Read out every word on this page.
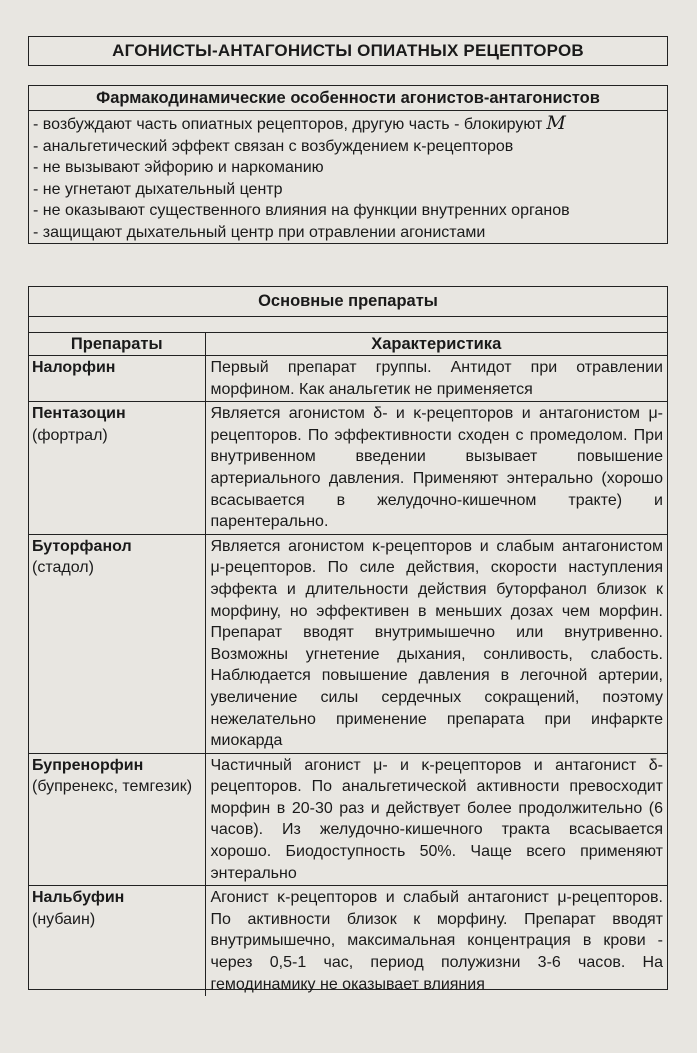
АГОНИСТЫ-АНТАГОНИСТЫ ОПИАТНЫХ РЕЦЕПТОРОВ
Фармакодинамические особенности агонистов-антагонистов
- возбуждают часть опиатных рецепторов, другую часть - блокируют М
- анальгетический эффект связан с возбуждением κ-рецепторов
- не вызывают эйфорию и наркоманию
- не угнетают дыхательный центр
- не оказывают существенного влияния на функции внутренних органов
- защищают дыхательный центр при отравлении агонистами
Основные препараты
Препараты	Характеристика

Налорфин	Первый препарат группы. Антидот при отравлении морфином. Как анальгетик не применяется

Пентазоцин
(фортрал)	Является агонистом δ- и κ-рецепторов и антагонистом μ-рецепторов. По эффективности сходен с промедолом. При внутривенном введении вызывает повышение артериального давления. Применяют энтерально (хорошо всасывается в желудочно-кишечном тракте) и парентерально.

Буторфанол
(стадол)	Является агонистом κ-рецепторов и слабым антагонистом μ-рецепторов. По силе действия, скорости наступления эффекта и длительности действия буторфанол близок к морфину, но эффективен в меньших дозах чем морфин. Препарат вводят внутримышечно или внутривенно. Возможны угнетение дыхания, сонливость, слабость. Наблюдается повышение давления в легочной артерии, увеличение силы сердечных сокращений, поэтому нежелательно применение препарата при инфаркте миокарда

Бупренорфин
(бупренекс, темгезик)	Частичный агонист μ- и κ-рецепторов и антагонист δ-рецепторов. По анальгетической активности превосходит морфин в 20-30 раз и действует более продолжительно (6 часов). Из желудочно-кишечного тракта всасывается хорошо. Биодоступность 50%. Чаще всего применяют энтерально

Нальбуфин
(нубаин)	Агонист κ-рецепторов и слабый антагонист μ-рецепторов. По активности близок к морфину. Препарат вводят внутримышечно, максимальная концентрация в крови - через 0,5-1 час, период полужизни 3-6 часов. На гемодинамику не оказывает влияния
